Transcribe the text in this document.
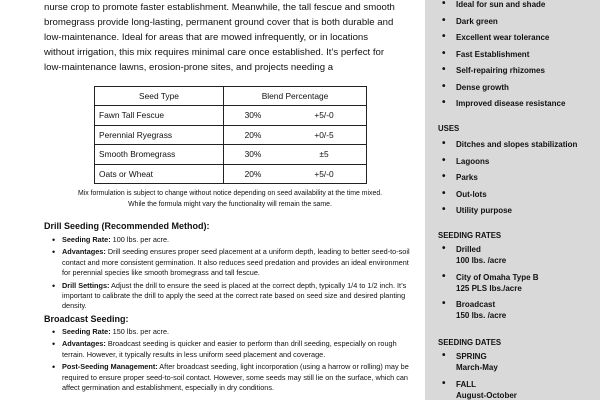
nurse crop to promote faster establishment. Meanwhile, the tall fescue and smooth
bromegrass provide long-lasting, permanent ground cover that is both durable and
low-maintenance. Ideal for areas that are mowed infrequently, or in locations
without irrigation, this mix requires minimal care once established. It’s perfect for
low-maintenance lawns, erosion-prone sites, and projects needing a

Seed Type	Blend Percentage	
Fawn Tall Fescue	30%	+5/-0
Perennial Ryegrass	20%	+0/-5
Smooth Bromegrass	30%	±5
Oats or Wheat	20%	+5/-0
Mix formulation is subject to change without notice depending on seed availability at the time mixed.
While the formula might vary the functionality will remain the same.
Drill Seeding (Recommended Method):
• Seeding Rate: 100 lbs. per acre.
• Advantages: Drill seeding ensures proper seed placement at a uniform depth, leading to better seed-to-soil contact and more consistent germination. It also reduces seed predation and provides an ideal environment for perennial species like smooth bromegrass and tall fescue.
• Drill Settings: Adjust the drill to ensure the seed is placed at the correct depth, typically 1/4 to 1/2 inch. It’s important to calibrate the drill to apply the seed at the correct rate based on seed size and desired planting density.
Broadcast Seeding:
• Seeding Rate: 150 lbs. per acre.
• Advantages: Broadcast seeding is quicker and easier to perform than drill seeding, especially on rough terrain. However, it typically results in less uniform seed placement and coverage.
• Post-Seeding Management: After broadcast seeding, light incorporation (using a harrow or rolling) may be required to ensure proper seed-to-soil contact. However, some seeds may still lie on the surface, which can affect germination and establishment, especially in dry conditions.
• Ideal for sun and shade
• Dark green
• Excellent wear tolerance
• Fast Establishment
• Self-repairing rhizomes
• Dense growth
• Improved disease resistance
USES
• Ditches and slopes stabilization
• Lagoons
• Parks
• Out-lots
• Utility purpose
SEEDING RATES
• Drilled
100 lbs. /acre
• City of Omaha Type B
125 PLS lbs./acre
• Broadcast
150 lbs. /acre
SEEDING DATES
• SPRING
March-May
• FALL
August-October
